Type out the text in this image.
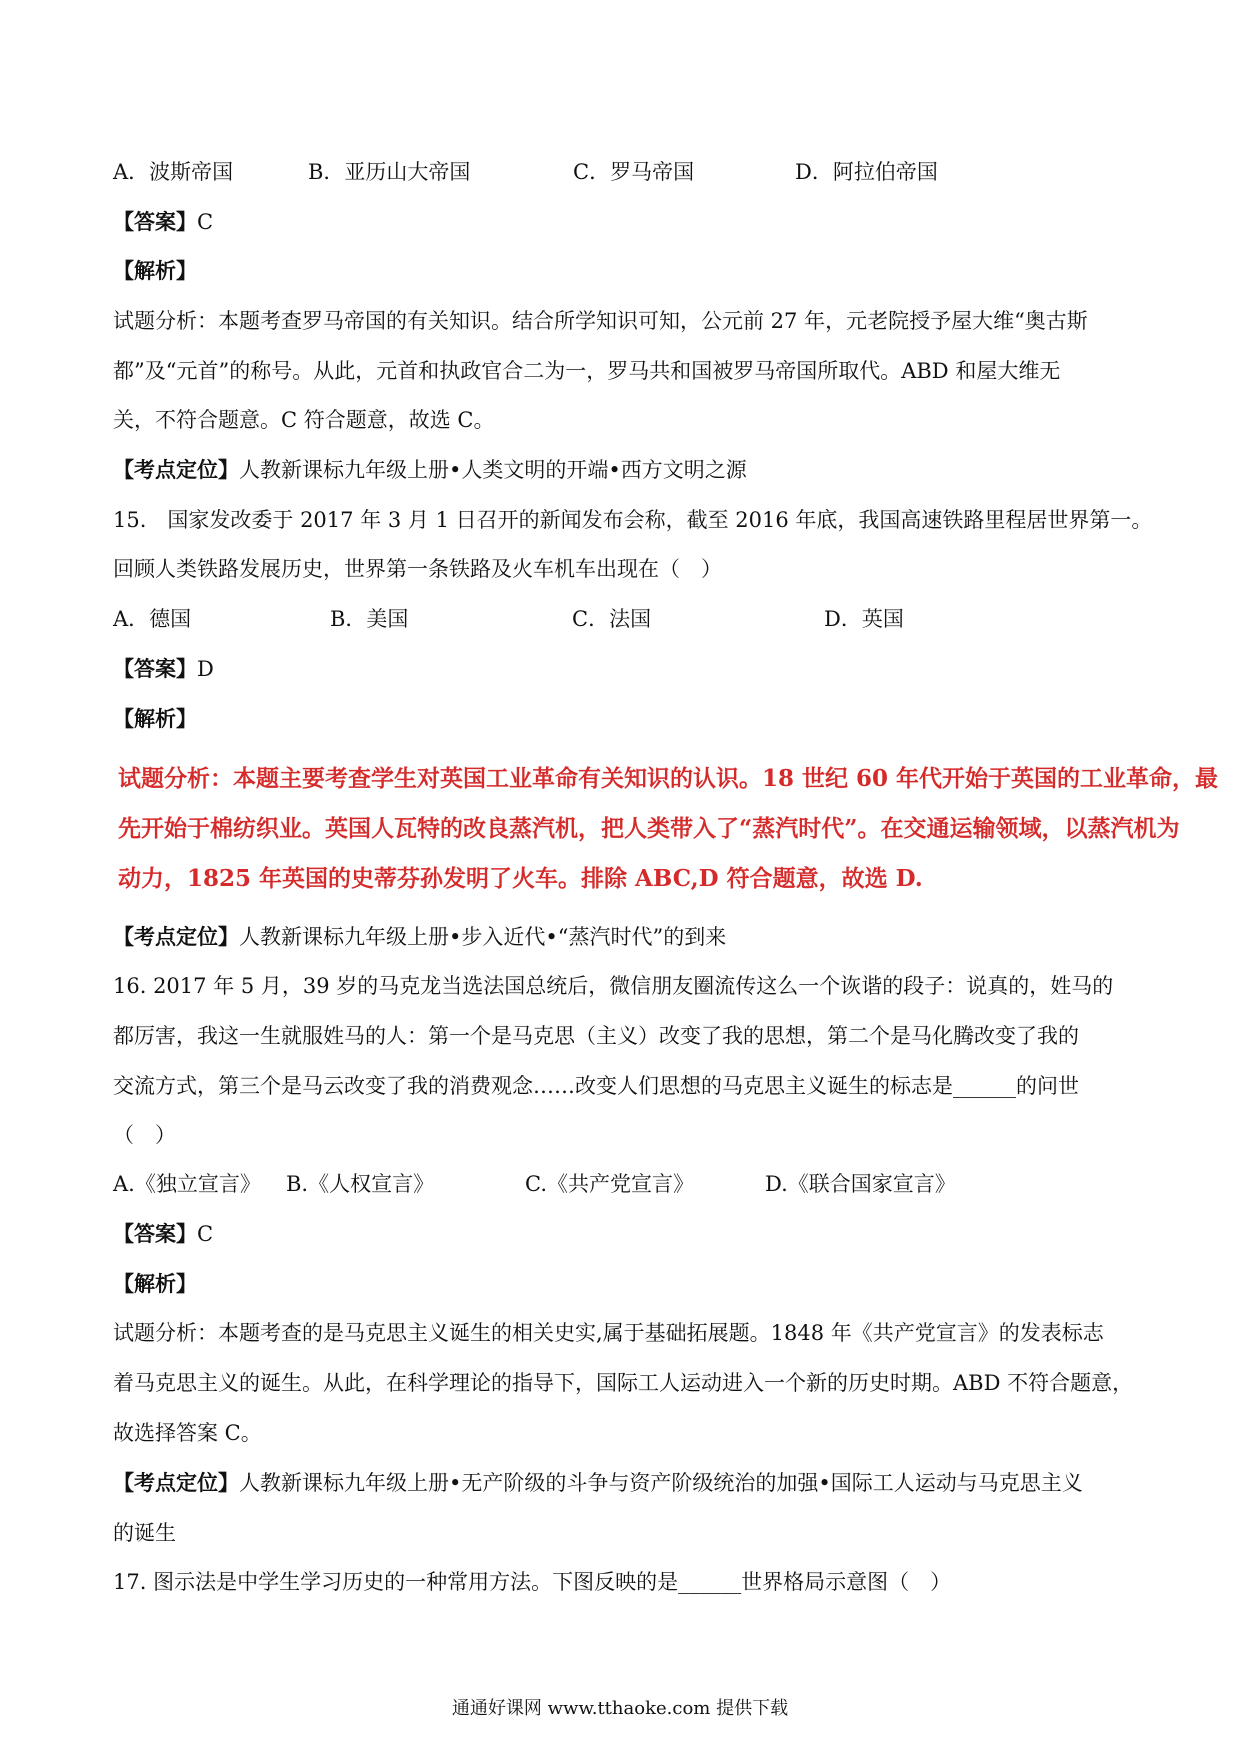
A．波斯帝国	B．亚历山大帝国	C．罗马帝国	D．阿拉伯帝国
【答案】C
【解析】
试题分析：本题考查罗马帝国的有关知识。结合所学知识可知，公元前 27 年，元老院授予屋大维“奥古斯
都”及“元首”的称号。从此，元首和执政官合二为一，罗马共和国被罗马帝国所取代。ABD 和屋大维无
关，不符合题意。C 符合题意，故选 C。
【考点定位】人教新课标九年级上册•人类文明的开端•西方文明之源
15.　国家发改委于 2017 年 3 月 1 日召开的新闻发布会称，截至 2016 年底，我国高速铁路里程居世界第一。
回顾人类铁路发展历史，世界第一条铁路及火车机车出现在（　）
A．德国	B．美国	C．法国	D．英国
【答案】D
【解析】
试题分析：本题主要考查学生对英国工业革命有关知识的认识。18 世纪 60 年代开始于英国的工业革命，最
先开始于棉纺织业。英国人瓦特的改良蒸汽机，把人类带入了“蒸汽时代”。在交通运输领域，以蒸汽机为
动力，1825 年英国的史蒂芬孙发明了火车。排除 ABC,D 符合题意，故选 D.
【考点定位】人教新课标九年级上册•步入近代•“蒸汽时代”的到来
16. 2017 年 5 月，39 岁的马克龙当选法国总统后，微信朋友圈流传这么一个诙谐的段子：说真的，姓马的
都厉害，我这一生就服姓马的人：第一个是马克思（主义）改变了我的思想，第二个是马化腾改变了我的
交流方式，第三个是马云改变了我的消费观念……改变人们思想的马克思主义诞生的标志是______的问世
（　）
A.《独立宣言》 B.《人权宣言》	C.《共产党宣言》	D.《联合国家宣言》
【答案】C
【解析】
试题分析：本题考查的是马克思主义诞生的相关史实,属于基础拓展题。1848 年《共产党宣言》的发表标志
着马克思主义的诞生。从此，在科学理论的指导下，国际工人运动进入一个新的历史时期。ABD 不符合题意，
故选择答案 C。
【考点定位】人教新课标九年级上册•无产阶级的斗争与资产阶级统治的加强•国际工人运动与马克思主义
的诞生
17. 图示法是中学生学习历史的一种常用方法。下图反映的是______世界格局示意图（　）
通通好课网 www.tthaoke.com 提供下载
